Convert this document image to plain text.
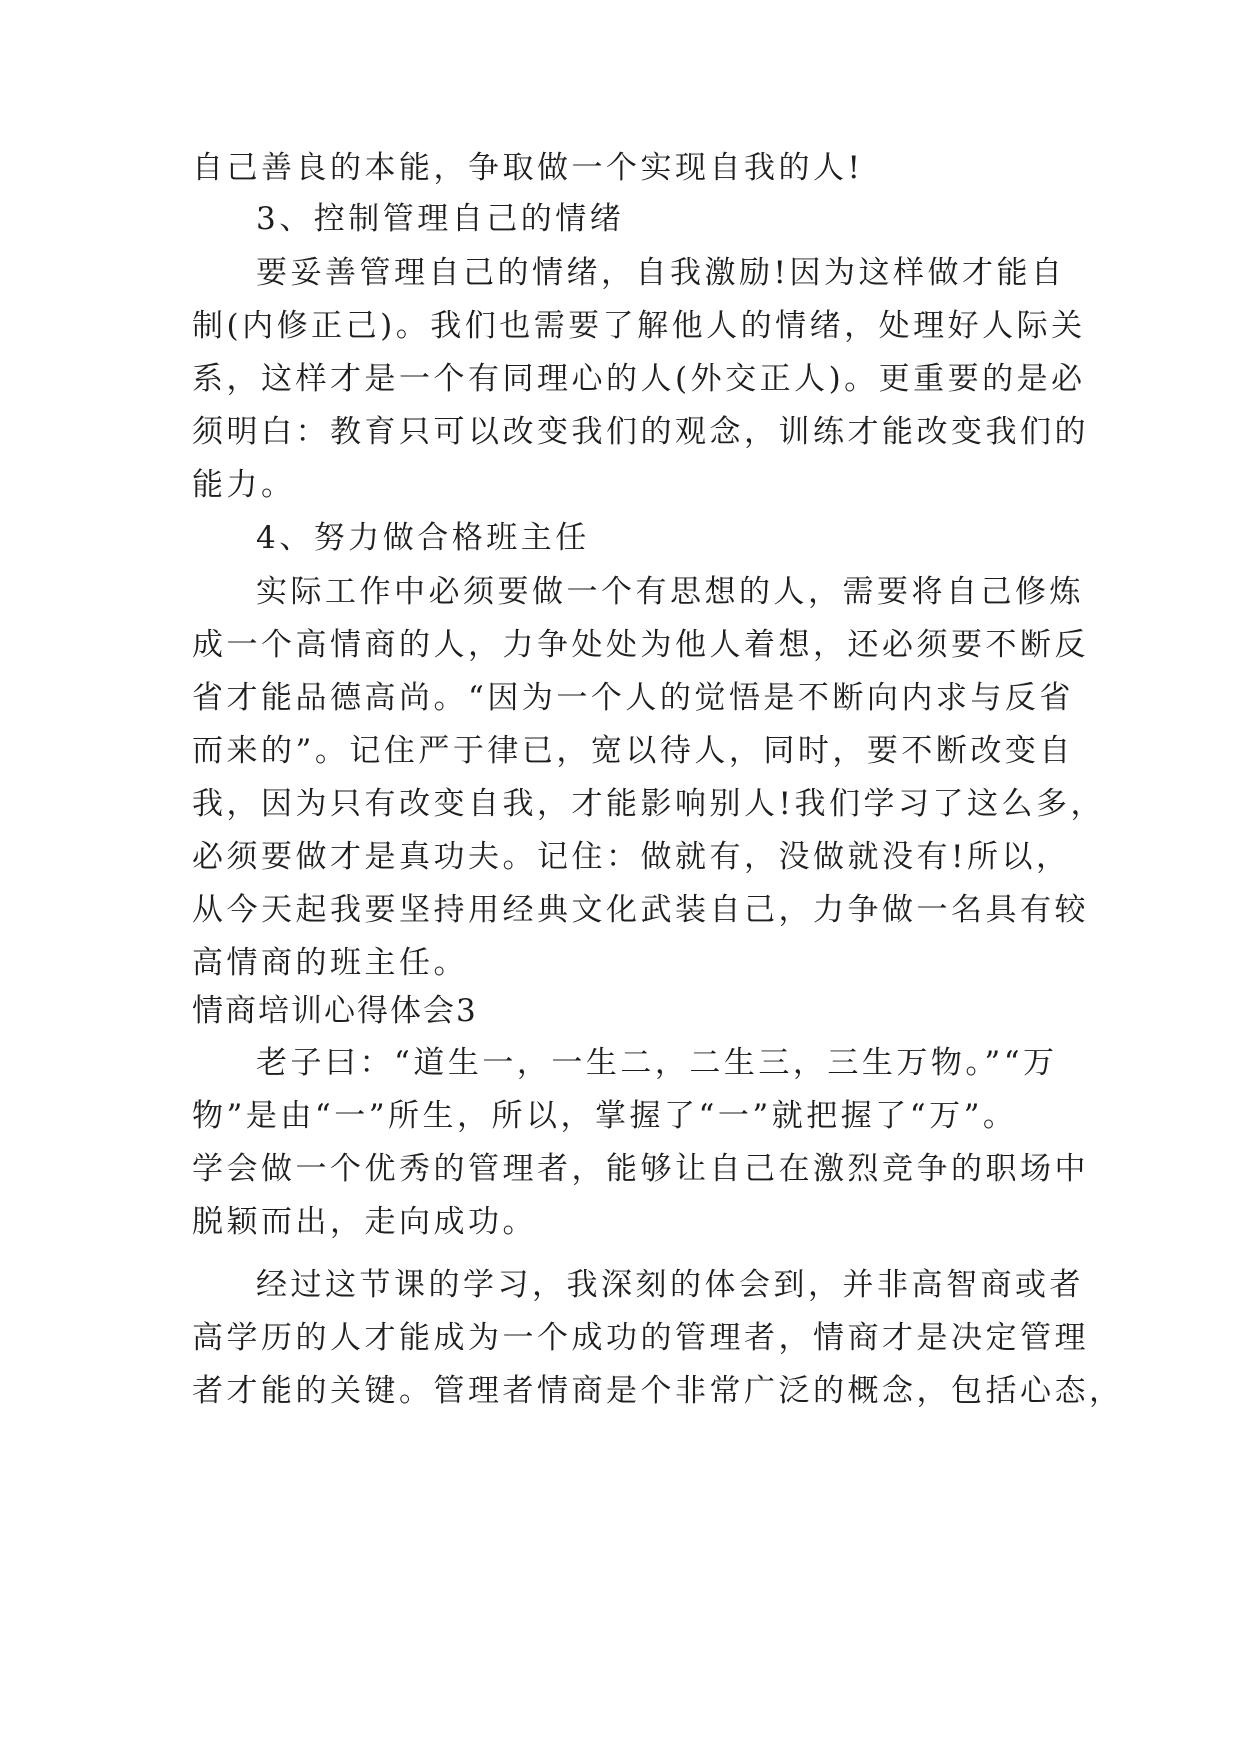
自己善良的本能，争取做一个实现自我的人!
3、控制管理自己的情绪
要妥善管理自己的情绪，自我激励!因为这样做才能自
制(内修正己)。我们也需要了解他人的情绪，处理好人际关
系，这样才是一个有同理心的人(外交正人)。更重要的是必
须明白：教育只可以改变我们的观念，训练才能改变我们的
能力。
4、努力做合格班主任
实际工作中必须要做一个有思想的人，需要将自己修炼
成一个高情商的人，力争处处为他人着想，还必须要不断反
省才能品德高尚。“因为一个人的觉悟是不断向内求与反省
而来的”。记住严于律已，宽以待人，同时，要不断改变自
我，因为只有改变自我，才能影响别人!我们学习了这么多，
必须要做才是真功夫。记住：做就有，没做就没有!所以，
从今天起我要坚持用经典文化武装自己，力争做一名具有较
高情商的班主任。
情商培训心得体会3
老子曰：“道生一，一生二，二生三，三生万物。”“万
物”是由“一”所生，所以，掌握了“一”就把握了“万”。
学会做一个优秀的管理者，能够让自己在激烈竞争的职场中
脱颖而出，走向成功。
经过这节课的学习，我深刻的体会到，并非高智商或者
高学历的人才能成为一个成功的管理者，情商才是决定管理
者才能的关键。管理者情商是个非常广泛的概念，包括心态，
